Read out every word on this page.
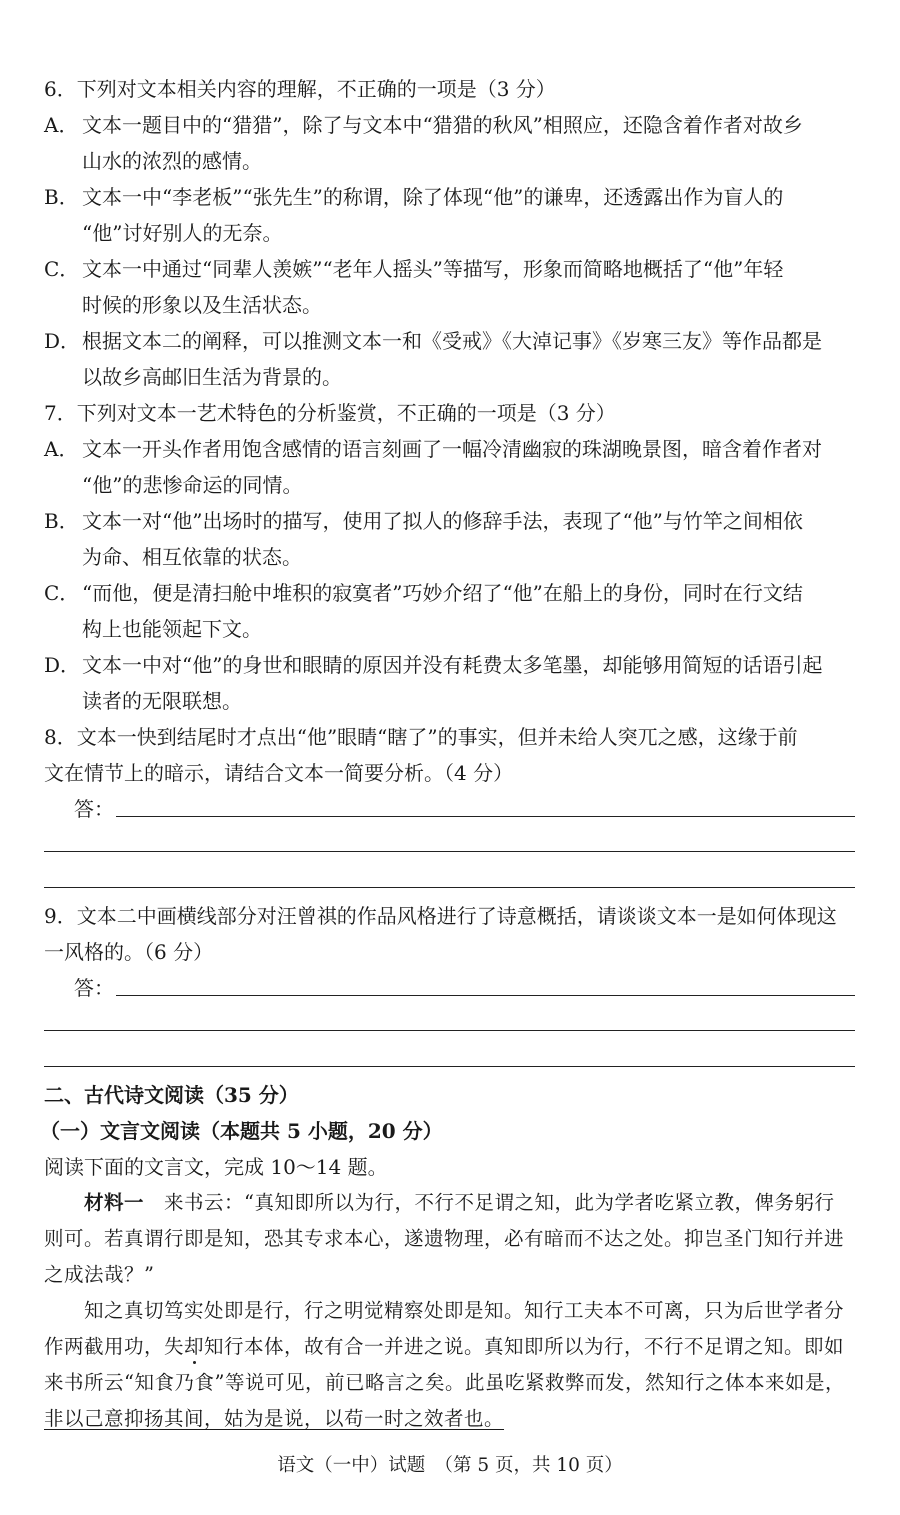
6．下列对文本相关内容的理解，不正确的一项是（3 分）
A． 文本一题目中的“猎猎”，除了与文本中“猎猎的秋风”相照应，还隐含着作者对故乡
山水的浓烈的感情。
B． 文本一中“李老板”“张先生”的称谓，除了体现“他”的谦卑，还透露出作为盲人的
“他”讨好别人的无奈。
C． 文本一中通过“同辈人羡嫉”“老年人摇头”等描写，形象而简略地概括了“他”年轻
时候的形象以及生活状态。
D． 根据文本二的阐释，可以推测文本一和《受戒》《大淖记事》《岁寒三友》等作品都是
以故乡高邮旧生活为背景的。
7．下列对文本一艺术特色的分析鉴赏，不正确的一项是（3 分）
A． 文本一开头作者用饱含感情的语言刻画了一幅冷清幽寂的珠湖晚景图，暗含着作者对
“他”的悲惨命运的同情。
B． 文本一对“他”出场时的描写，使用了拟人的修辞手法，表现了“他”与竹竿之间相依
为命、相互依靠的状态。
C． “而他，便是清扫舱中堆积的寂寞者”巧妙介绍了“他”在船上的身份，同时在行文结
构上也能领起下文。
D． 文本一中对“他”的身世和眼睛的原因并没有耗费太多笔墨，却能够用简短的话语引起
读者的无限联想。
8．文本一快到结尾时才点出“他”眼睛“瞎了”的事实，但并未给人突兀之感，这缘于前
文在情节上的暗示，请结合文本一简要分析。（4 分）
答：
9．文本二中画横线部分对汪曾祺的作品风格进行了诗意概括，请谈谈文本一是如何体现这
一风格的。（6 分）
答：
二、古代诗文阅读（35 分）
（一）文言文阅读（本题共 5 小题，20 分）
阅读下面的文言文，完成 10～14 题。
材料一　来书云：“真知即所以为行，不行不足谓之知，此为学者吃紧立教，俾务躬行
则可。若真谓行即是知，恐其专求本心，遂遗物理，必有暗而不达之处。抑岂圣门知行并进
之成法哉？”
知之真切笃实处即是行，行之明觉精察处即是知。知行工夫本不可离，只为后世学者分
作两截用功，失却知行本体，故有合一并进之说。真知即所以为行，不行不足谓之知。即如
来书所云“知食乃食”等说可见，前已略言之矣。此虽吃紧救弊而发，然知行之体本来如是，
非以己意抑扬其间，姑为是说，以苟一时之效者也。
语文（一中）试题　（第 5 页，共 10 页）
